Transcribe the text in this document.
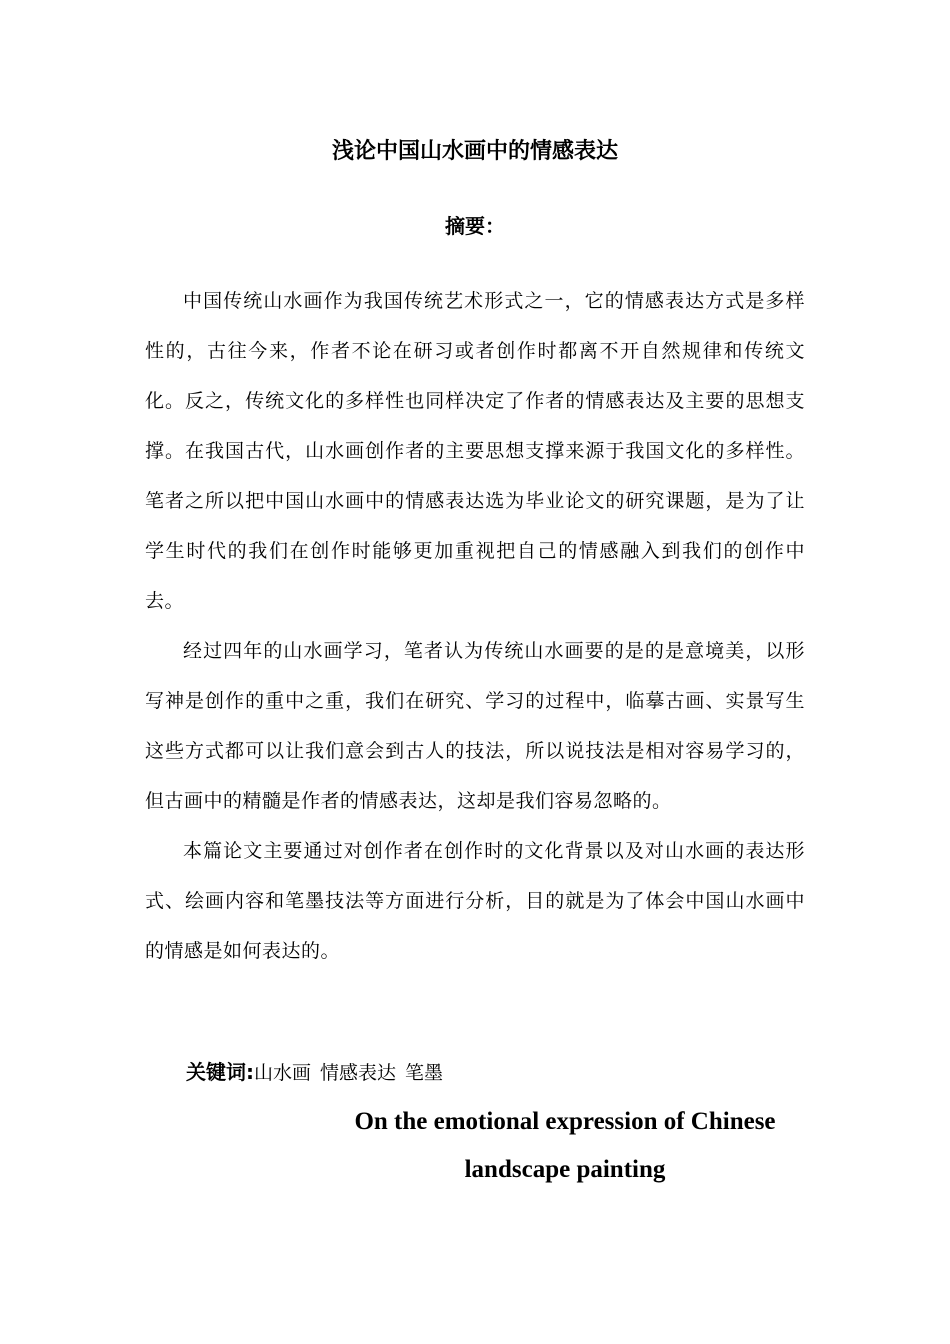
浅论中国山水画中的情感表达
摘要：

中国传统山水画作为我国传统艺术形式之一，它的情感表达方式是多样性的，古往今来，作者不论在研习或者创作时都离不开自然规律和传统文化。反之，传统文化的多样性也同样决定了作者的情感表达及主要的思想支撑。在我国古代，山水画创作者的主要思想支撑来源于我国文化的多样性。笔者之所以把中国山水画中的情感表达选为毕业论文的研究课题，是为了让学生时代的我们在创作时能够更加重视把自己的情感融入到我们的创作中去。

经过四年的山水画学习，笔者认为传统山水画要的是的是意境美，以形写神是创作的重中之重，我们在研究、学习的过程中，临摹古画、实景写生这些方式都可以让我们意会到古人的技法，所以说技法是相对容易学习的，但古画中的精髓是作者的情感表达，这却是我们容易忽略的。

本篇论文主要通过对创作者在创作时的文化背景以及对山水画的表达形式、绘画内容和笔墨技法等方面进行分析，目的就是为了体会中国山水画中的情感是如何表达的。

关键词:山水画 情感表达 笔墨
On the emotional expression of Chinese
landscape painting
